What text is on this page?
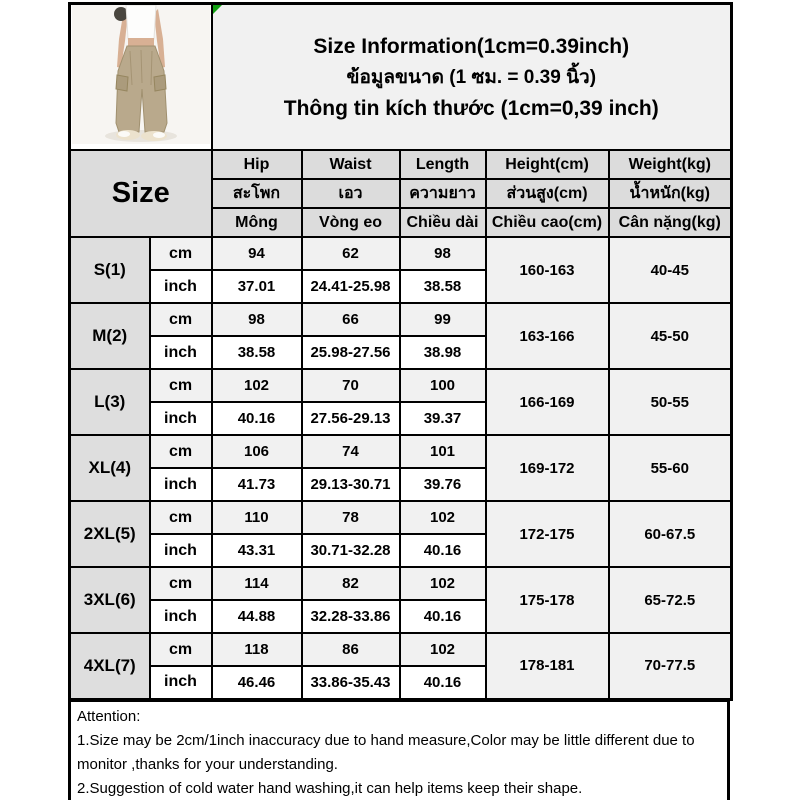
Size Information(1cm=0.39inch)
ข้อมูลขนาด (1 ซม. = 0.39 นิ้ว)
Thông tin kích thước (1cm=0,39 inch)				

Size		Hip	Waist	Length	Height(cm)	Weight(kg)
		สะโพก	เอว	ความยาว	ส่วนสูง(cm)	น้ำหนัก(kg)
		Mông	Vòng eo	Chiều dài	Chiều cao(cm)	Cân nặng(kg)
S(1)	cm	94	62	98	160-163	40-45
	inch	37.01	24.41-25.98	38.58		
M(2)	cm	98	66	99	163-166	45-50
	inch	38.58	25.98-27.56	38.98		
L(3)	cm	102	70	100	166-169	50-55
	inch	40.16	27.56-29.13	39.37		
XL(4)	cm	106	74	101	169-172	55-60
	inch	41.73	29.13-30.71	39.76		
2XL(5)	cm	110	78	102	172-175	60-67.5
	inch	43.31	30.71-32.28	40.16		
3XL(6)	cm	114	82	102	175-178	65-72.5
	inch	44.88	32.28-33.86	40.16		
4XL(7)	cm	118	86	102	178-181	70-77.5
	inch	46.46	33.86-35.43	40.16		
Attention:
1.Size may be 2cm/1inch inaccuracy due to hand measure,Color may be little different due to monitor ,thanks for your understanding.
2.Suggestion of cold water hand washing,it can help items keep their shape.
